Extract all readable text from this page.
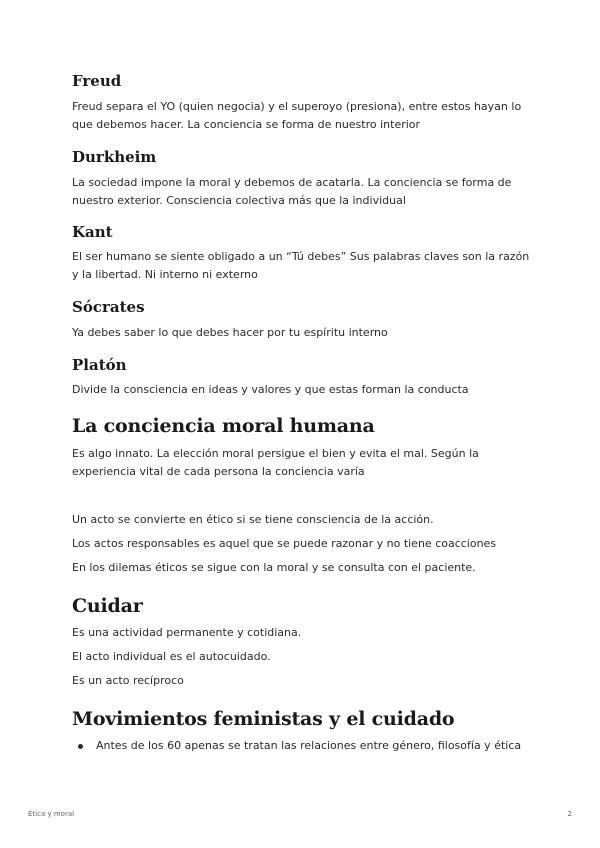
Freud

Freud separa el YO (quien negocia) y el superoyo (presiona), entre estos hayan lo que debemos hacer. La conciencia se forma de nuestro interior

Durkheim

La sociedad impone la moral y debemos de acatarla. La conciencia se forma de nuestro exterior. Consciencia colectiva más que la individual

Kant

El ser humano se siente obligado a un “Tú debes” Sus palabras claves son la razón y la libertad. Ni interno ni externo

Sócrates

Ya debes saber lo que debes hacer por tu espíritu interno

Platón

Divide la consciencia en ideas y valores y que estas forman la conducta

La conciencia moral humana

Es algo innato. La elección moral persigue el bien y evita el mal. Según la experiencia vital de cada persona la conciencia varía

Un acto se convierte en ético si se tiene consciencia de la acción.

Los actos responsables es aquel que se puede razonar y no tiene coacciones

En los dilemas éticos se sigue con la moral y se consulta con el paciente.

Cuidar

Es una actividad permanente y cotidiana.

El acto individual es el autocuidado.

Es un acto recíproco

Movimientos feministas y el cuidado

Antes de los 60 apenas se tratan las relaciones entre género, filosofía y ética

Ética y moral	2
